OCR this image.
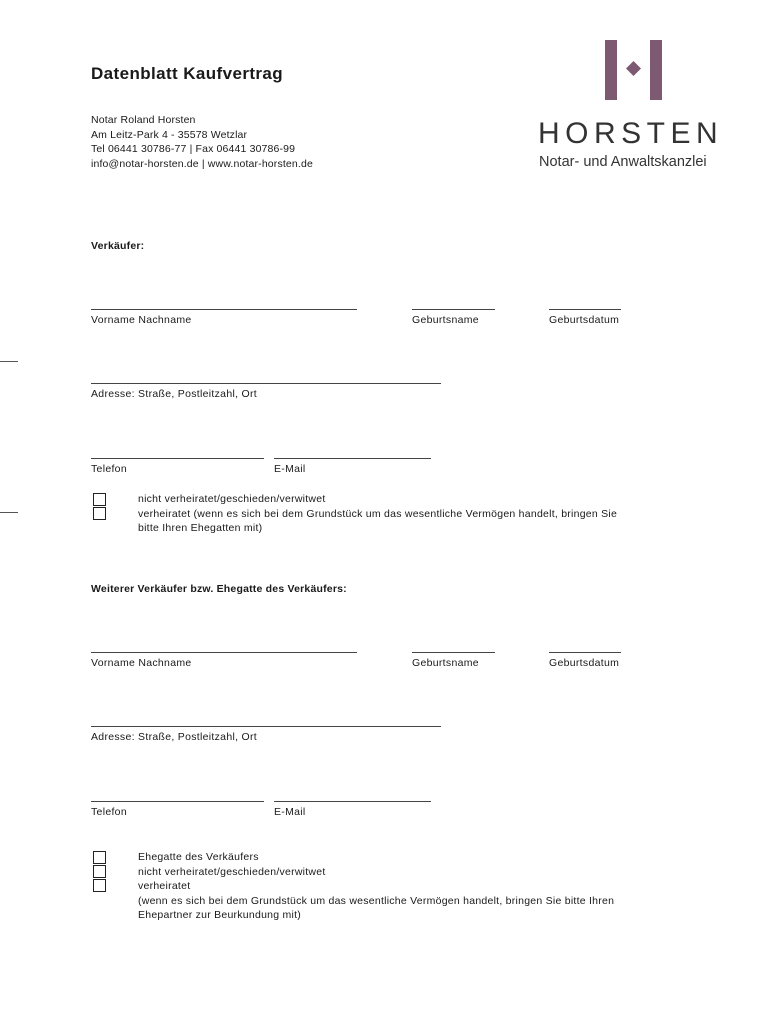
Datenblatt Kaufvertrag
Notar Roland Horsten
Am Leitz-Park 4 - 35578 Wetzlar
Tel 06441 30786-77 | Fax 06441 30786-99
info@notar-horsten.de | www.notar-horsten.de
HORSTEN
Notar- und Anwaltskanzlei
Verkäufer:
Vorname Nachname	Geburtsname	Geburtsdatum
Adresse: Straße, Postleitzahl, Ort
Telefon	E-Mail
nicht verheiratet/geschieden/verwitwet
verheiratet (wenn es sich bei dem Grundstück um das wesentliche Vermögen handelt, bringen Sie
bitte Ihren Ehegatten mit)
Weiterer Verkäufer bzw. Ehegatte des Verkäufers:
Vorname Nachname	Geburtsname	Geburtsdatum
Adresse: Straße, Postleitzahl, Ort
Telefon	E-Mail
Ehegatte des Verkäufers
nicht verheiratet/geschieden/verwitwet
verheiratet
(wenn es sich bei dem Grundstück um das wesentliche Vermögen handelt, bringen Sie bitte Ihren
Ehepartner zur Beurkundung mit)
